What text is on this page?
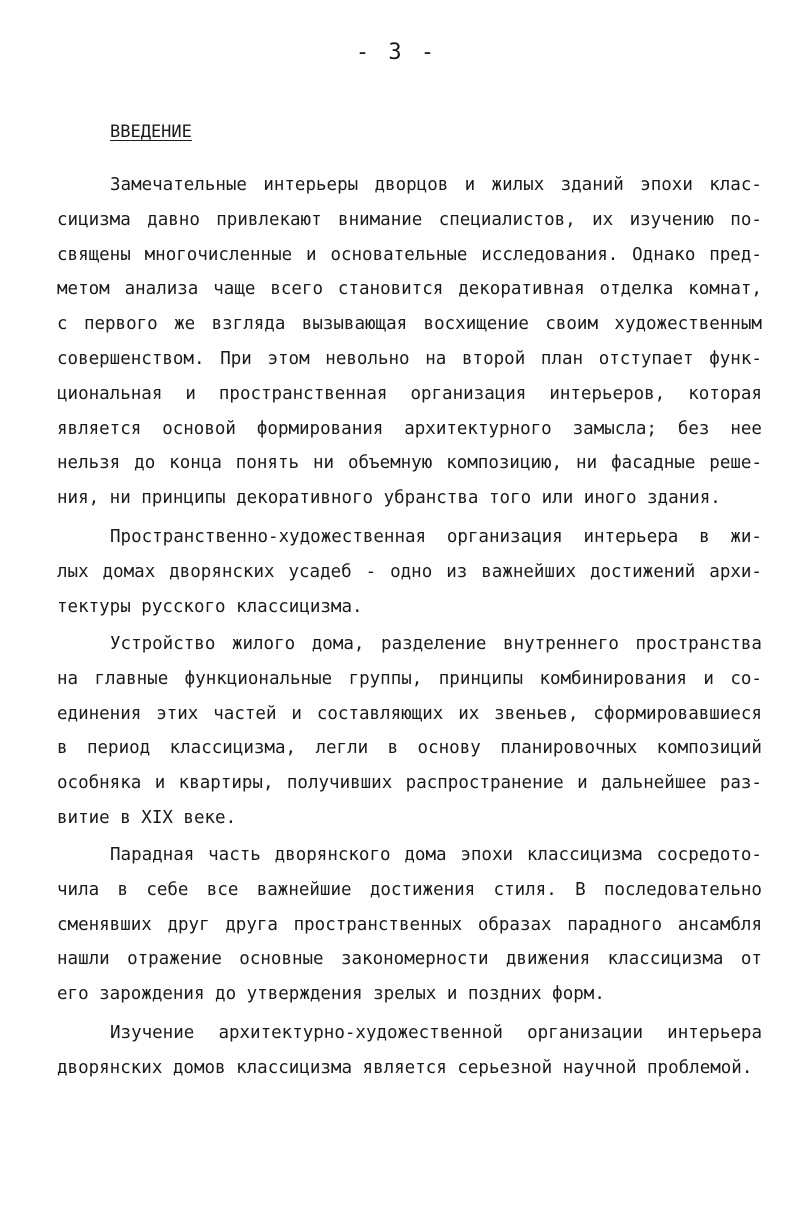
- 3 -
ВВЕДЕНИЕ
Замечательные интерьеры дворцов и жилых зданий эпохи клас-
сицизма давно привлекают внимание специалистов, их изучению по-
священы многочисленные и основательные исследования. Однако пред-
метом анализа чаще всего становится декоративная отделка комнат,
с первого же взгляда вызывающая восхищение своим художественным
совершенством. При этом невольно на второй план отступает функ-
циональная и пространственная организация интерьеров, которая
является основой формирования архитектурного замысла; без нее
нельзя до конца понять ни объемную композицию, ни фасадные реше-
ния, ни принципы декоративного убранства того или иного здания.
Пространственно-художественная организация интерьера в жи-
лых домах дворянских усадеб - одно из важнейших достижений архи-
тектуры русского классицизма.
Устройство жилого дома, разделение внутреннего пространства
на главные функциональные группы, принципы комбинирования и со-
единения этих частей и составляющих их звеньев, сформировавшиеся
в период классицизма, легли в основу планировочных композиций
особняка и квартиры, получивших распространение и дальнейшее раз-
витие в XIX веке.
Парадная часть дворянского дома эпохи классицизма сосредото-
чила в себе все важнейшие достижения стиля. В последовательно
сменявших друг друга пространственных образах парадного ансамбля
нашли отражение основные закономерности движения классицизма от
его зарождения до утверждения зрелых и поздних форм.
Изучение архитектурно-художественной организации интерьера
дворянских домов классицизма является серьезной научной проблемой.
